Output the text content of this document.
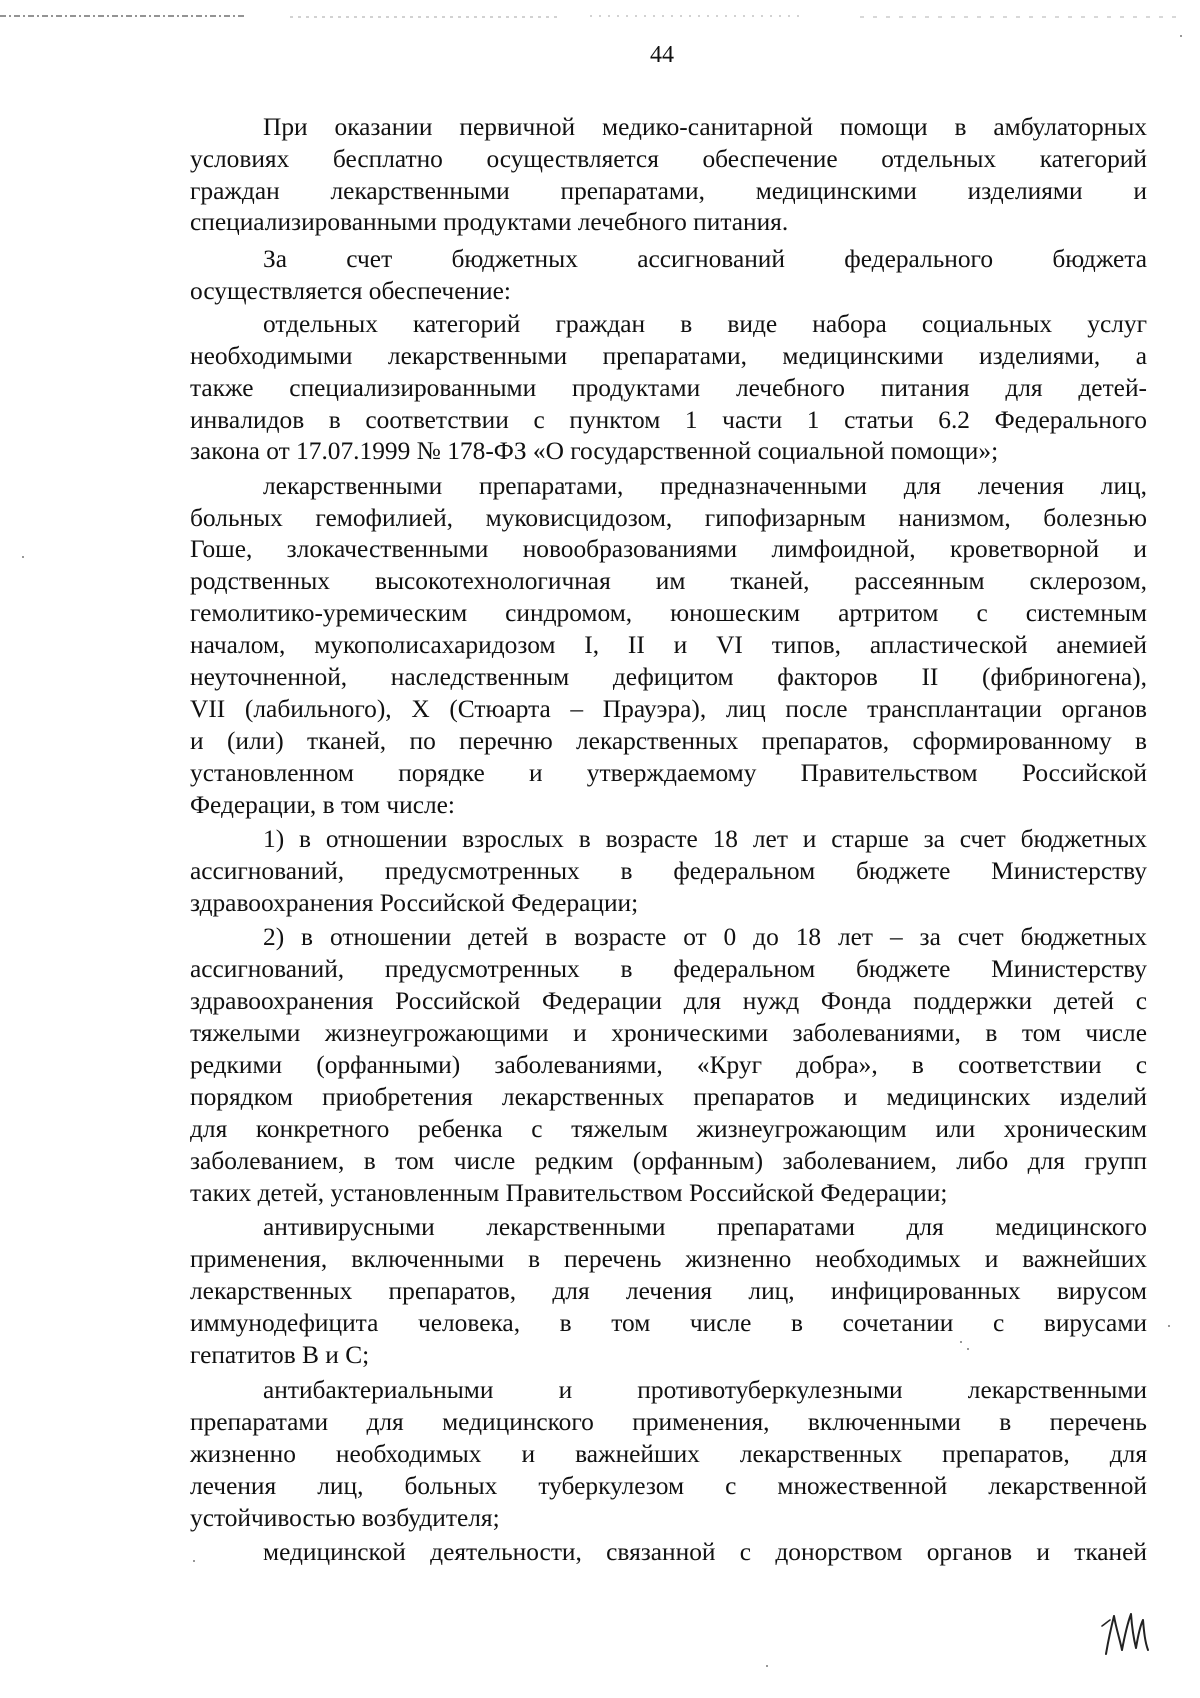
44

При оказании первичной медико-санитарной помощи в амбулаторных

условиях бесплатно осуществляется обеспечение отдельных категорий

граждан лекарственными препаратами, медицинскими изделиями и

специализированными продуктами лечебного питания.

За счет бюджетных ассигнований федерального бюджета

осуществляется обеспечение:

отдельных категорий граждан в виде набора социальных услуг

необходимыми лекарственными препаратами, медицинскими изделиями, а

также специализированными продуктами лечебного питания для детей-

инвалидов в соответствии с пунктом 1 части 1 статьи 6.2 Федерального

закона от 17.07.1999 № 178-ФЗ «О государственной социальной помощи»;

лекарственными препаратами, предназначенными для лечения лиц,

больных гемофилией, муковисцидозом, гипофизарным нанизмом, болезнью

Гоше, злокачественными новообразованиями лимфоидной, кроветворной и

родственных высокотехнологичная им тканей, рассеянным склерозом,

гемолитико-уремическим синдромом, юношеским артритом с системным

началом, мукополисахаридозом I, II и VI типов, апластической анемией

неуточненной, наследственным дефицитом факторов II (фибриногена),

VII (лабильного), X (Стюарта – Прауэра), лиц после трансплантации органов

и (или) тканей, по перечню лекарственных препаратов, сформированному в

установленном порядке и утверждаемому Правительством Российской

Федерации, в том числе:

1) в отношении взрослых в возрасте 18 лет и старше за счет бюджетных

ассигнований, предусмотренных в федеральном бюджете Министерству

здравоохранения Российской Федерации;

2) в отношении детей в возрасте от 0 до 18 лет – за счет бюджетных

ассигнований, предусмотренных в федеральном бюджете Министерству

здравоохранения Российской Федерации для нужд Фонда поддержки детей с

тяжелыми жизнеугрожающими и хроническими заболеваниями, в том числе

редкими (орфанными) заболеваниями, «Круг добра», в соответствии с

порядком приобретения лекарственных препаратов и медицинских изделий

для конкретного ребенка с тяжелым жизнеугрожающим или хроническим

заболеванием, в том числе редким (орфанным) заболеванием, либо для групп

таких детей, установленным Правительством Российской Федерации;

антивирусными лекарственными препаратами для медицинского

применения, включенными в перечень жизненно необходимых и важнейших

лекарственных препаратов, для лечения лиц, инфицированных вирусом

иммунодефицита человека, в том числе в сочетании с вирусами

гепатитов В и С;

антибактериальными и противотуберкулезными лекарственными

препаратами для медицинского применения, включенными в перечень

жизненно необходимых и важнейших лекарственных препаратов, для

лечения лиц, больных туберкулезом с множественной лекарственной

устойчивостью возбудителя;

медицинской деятельности, связанной с донорством органов и тканей
